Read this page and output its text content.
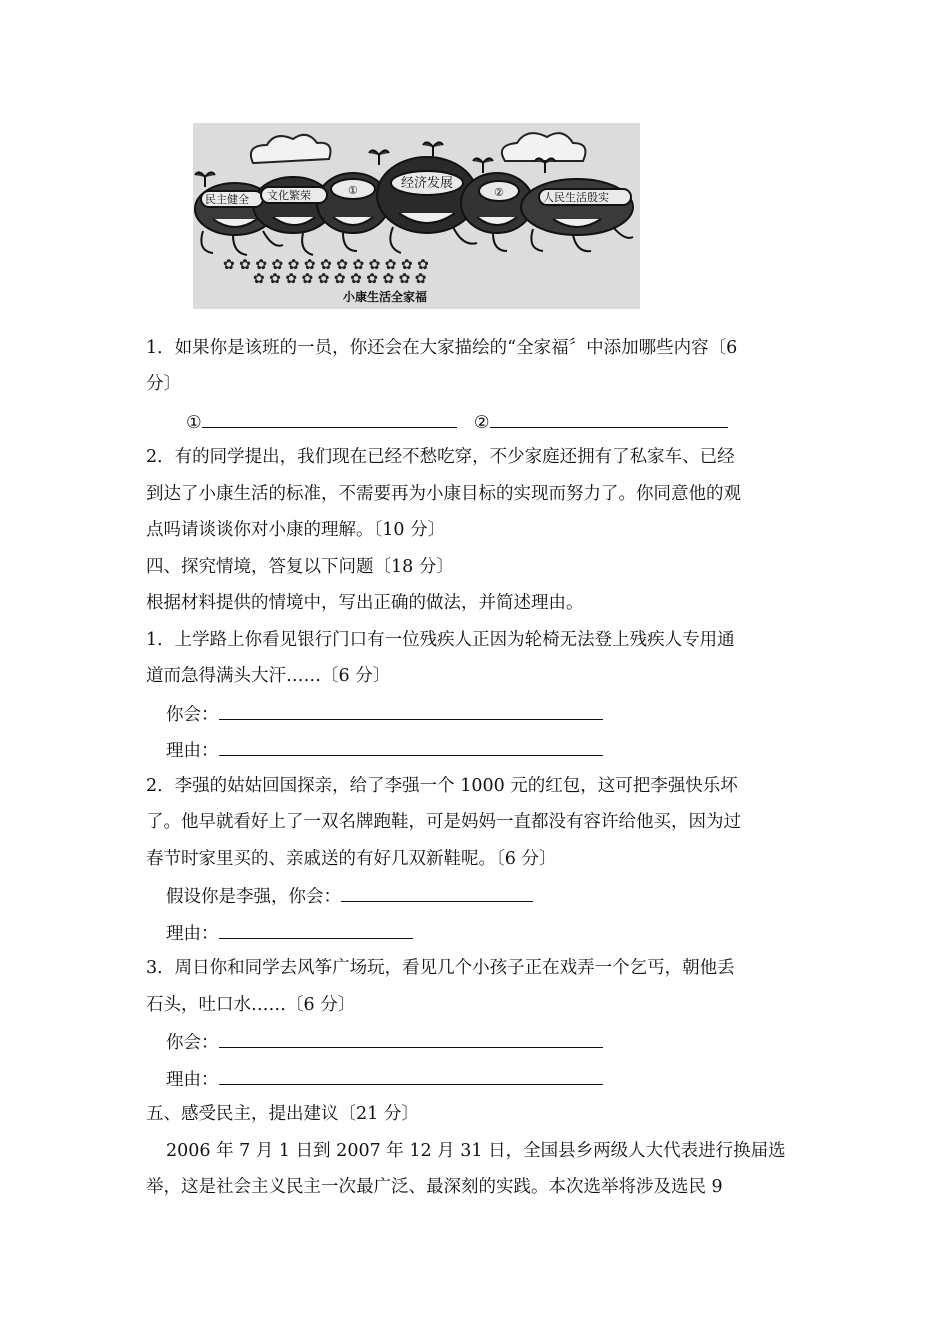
民主健全 文化繁荣	①	经济发展
②	人民生活殷实
✿ ✿ ✿ ✿ ✿ ✿ ✿ ✿ ✿ ✿ ✿ ✿ ✿
✿ ✿ ✿ ✿ ✿ ✿ ✿ ✿ ✿ ✿ ✿
小康生活全家福
1．如果你是该班的一员，你还会在大家描绘的“全家福〞中添加哪些内容〔6
分〕
①	②
2．有的同学提出，我们现在已经不愁吃穿，不少家庭还拥有了私家车、已经
到达了小康生活的标准，不需要再为小康目标的实现而努力了。你同意他的观
点吗请谈谈你对小康的理解。〔10 分〕
四、探究情境，答复以下问题〔18 分〕
根据材料提供的情境中，写出正确的做法，并简述理由。
1．上学路上你看见银行门口有一位残疾人正因为轮椅无法登上残疾人专用通
道而急得满头大汗……〔6 分〕
你会：
理由：
2．李强的姑姑回国探亲，给了李强一个 1000 元的红包，这可把李强快乐坏
了。他早就看好上了一双名牌跑鞋，可是妈妈一直都没有容许给他买，因为过
春节时家里买的、亲戚送的有好几双新鞋呢。〔6 分〕
假设你是李强，你会：
理由：
3．周日你和同学去风筝广场玩，看见几个小孩子正在戏弄一个乞丐，朝他丢
石头，吐口水……〔6 分〕
你会：
理由：
五、感受民主，提出建议〔21 分〕
2006 年 7 月 1 日到 2007 年 12 月 31 日，全国县乡两级人大代表进行换届选
举，这是社会主义民主一次最广泛、最深刻的实践。本次选举将涉及选民 9
